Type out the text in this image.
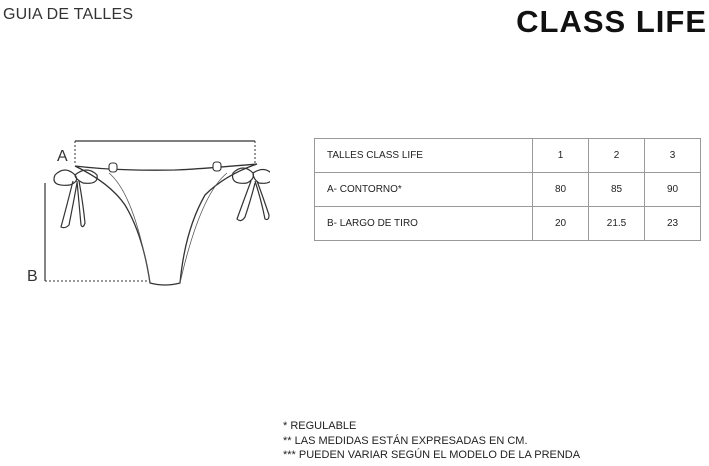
GUIA DE TALLES	CLASS LIFE
A
B
TALLES CLASS LIFE	1	2	3
A- CONTORNO*	80	85	90
B- LARGO DE TIRO	20	21.5	23
* REGULABLE
** LAS MEDIDAS ESTÁN EXPRESADAS EN CM.
*** PUEDEN VARIAR SEGÚN EL MODELO DE LA PRENDA
